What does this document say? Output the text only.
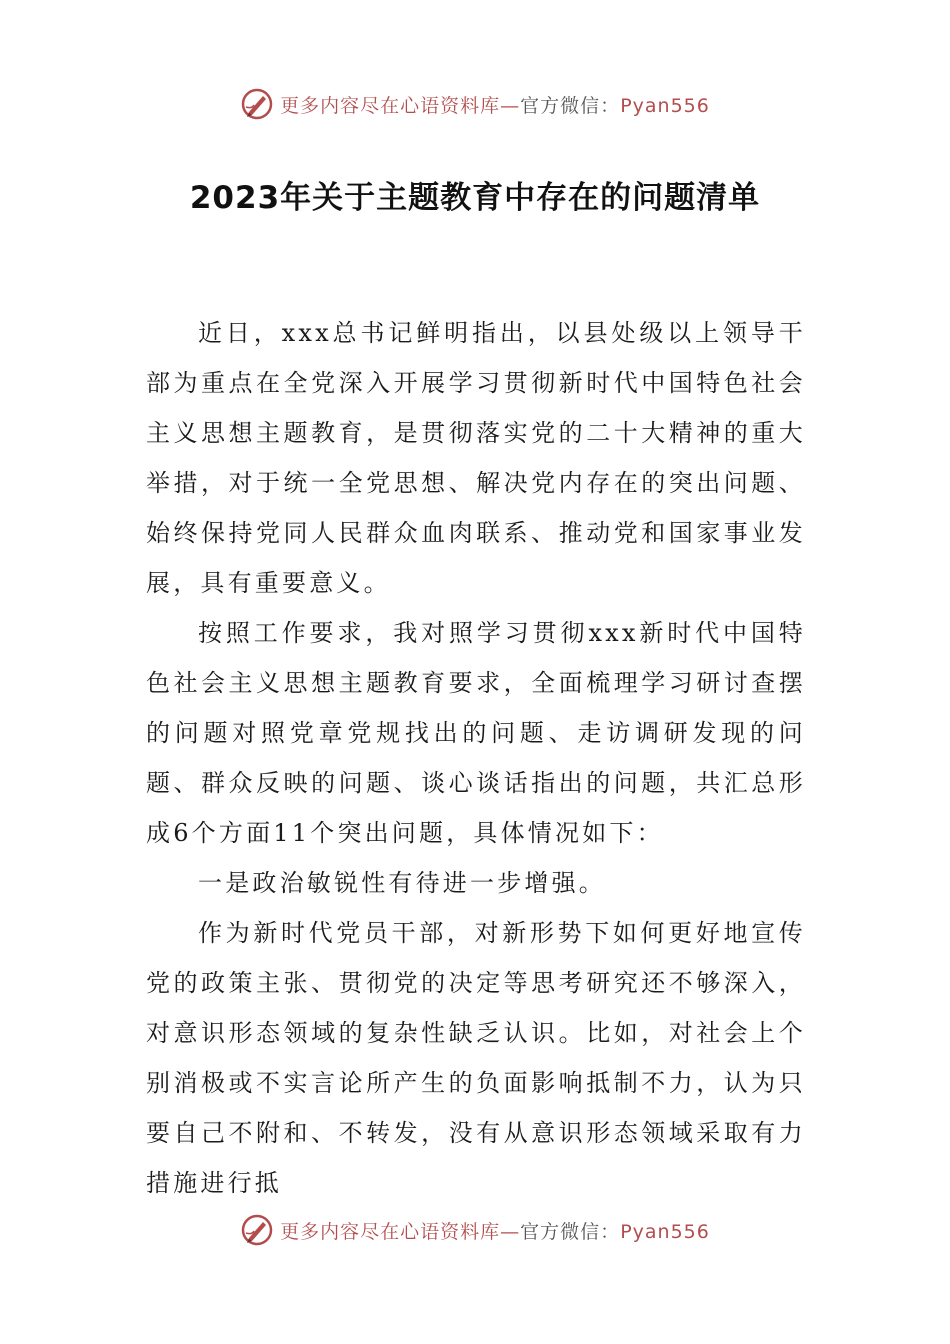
更多内容尽在心语资料库—官方微信：Pyan556
2023年关于主题教育中存在的问题清单

近日，xxx总书记鲜明指出，以县处级以上领导干部为重点在全党深入开展学习贯彻新时代中国特色社会主义思想主题教育，是贯彻落实党的二十大精神的重大举措，对于统一全党思想、解决党内存在的突出问题、始终保持党同人民群众血肉联系、推动党和国家事业发展，具有重要意义。

按照工作要求，我对照学习贯彻xxx新时代中国特色社会主义思想主题教育要求，全面梳理学习研讨查摆的问题对照党章党规找出的问题、走访调研发现的问题、群众反映的问题、谈心谈话指出的问题，共汇总形成6个方面11个突出问题，具体情况如下：

一是政治敏锐性有待进一步增强。

作为新时代党员干部，对新形势下如何更好地宣传党的政策主张、贯彻党的决定等思考研究还不够深入，对意识形态领域的复杂性缺乏认识。比如，对社会上个别消极或不实言论所产生的负面影响抵制不力，认为只要自己不附和、不转发，没有从意识形态领域采取有力措施进行抵

更多内容尽在心语资料库—官方微信：Pyan556
